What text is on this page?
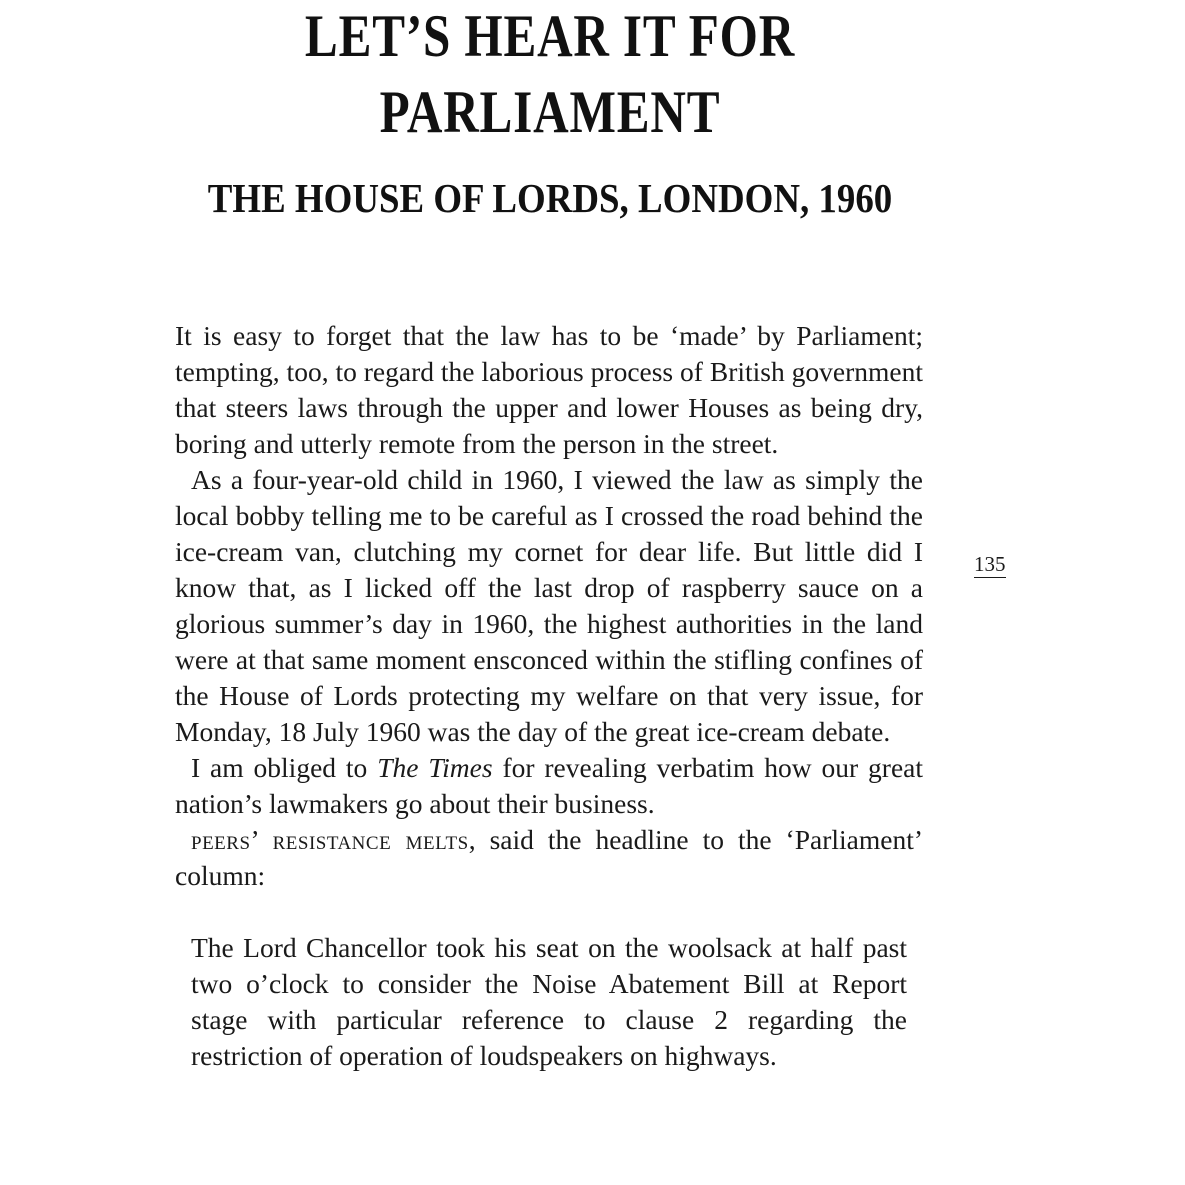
LET’S HEAR IT FOR
PARLIAMENT
THE HOUSE OF LORDS, LONDON, 1960

It is easy to forget that the law has to be ‘made’ by Parliament; tempting, too, to regard the laborious process of British government that steers laws through the upper and lower Houses as being dry, boring and utterly remote from the person in the street.

As a four-year-old child in 1960, I viewed the law as simply the local bobby telling me to be careful as I crossed the road behind the ice-cream van, clutching my cornet for dear life. But little did I know that, as I licked off the last drop of raspberry sauce on a glorious summer’s day in 1960, the highest authorities in the land were at that same moment ensconced within the stifling confines of the House of Lords protecting my welfare on that very issue, for Monday, 18 July 1960 was the day of the great ice-cream debate.

I am obliged to The Times for revealing verbatim how our great nation’s lawmakers go about their business.

peers’ resistance melts, said the headline to the ‘Parliament’ column:

The Lord Chancellor took his seat on the woolsack at half past two o’clock to consider the Noise Abatement Bill at Report stage with particular reference to clause 2 regarding the restriction of operation of loudspeakers on highways.

135
